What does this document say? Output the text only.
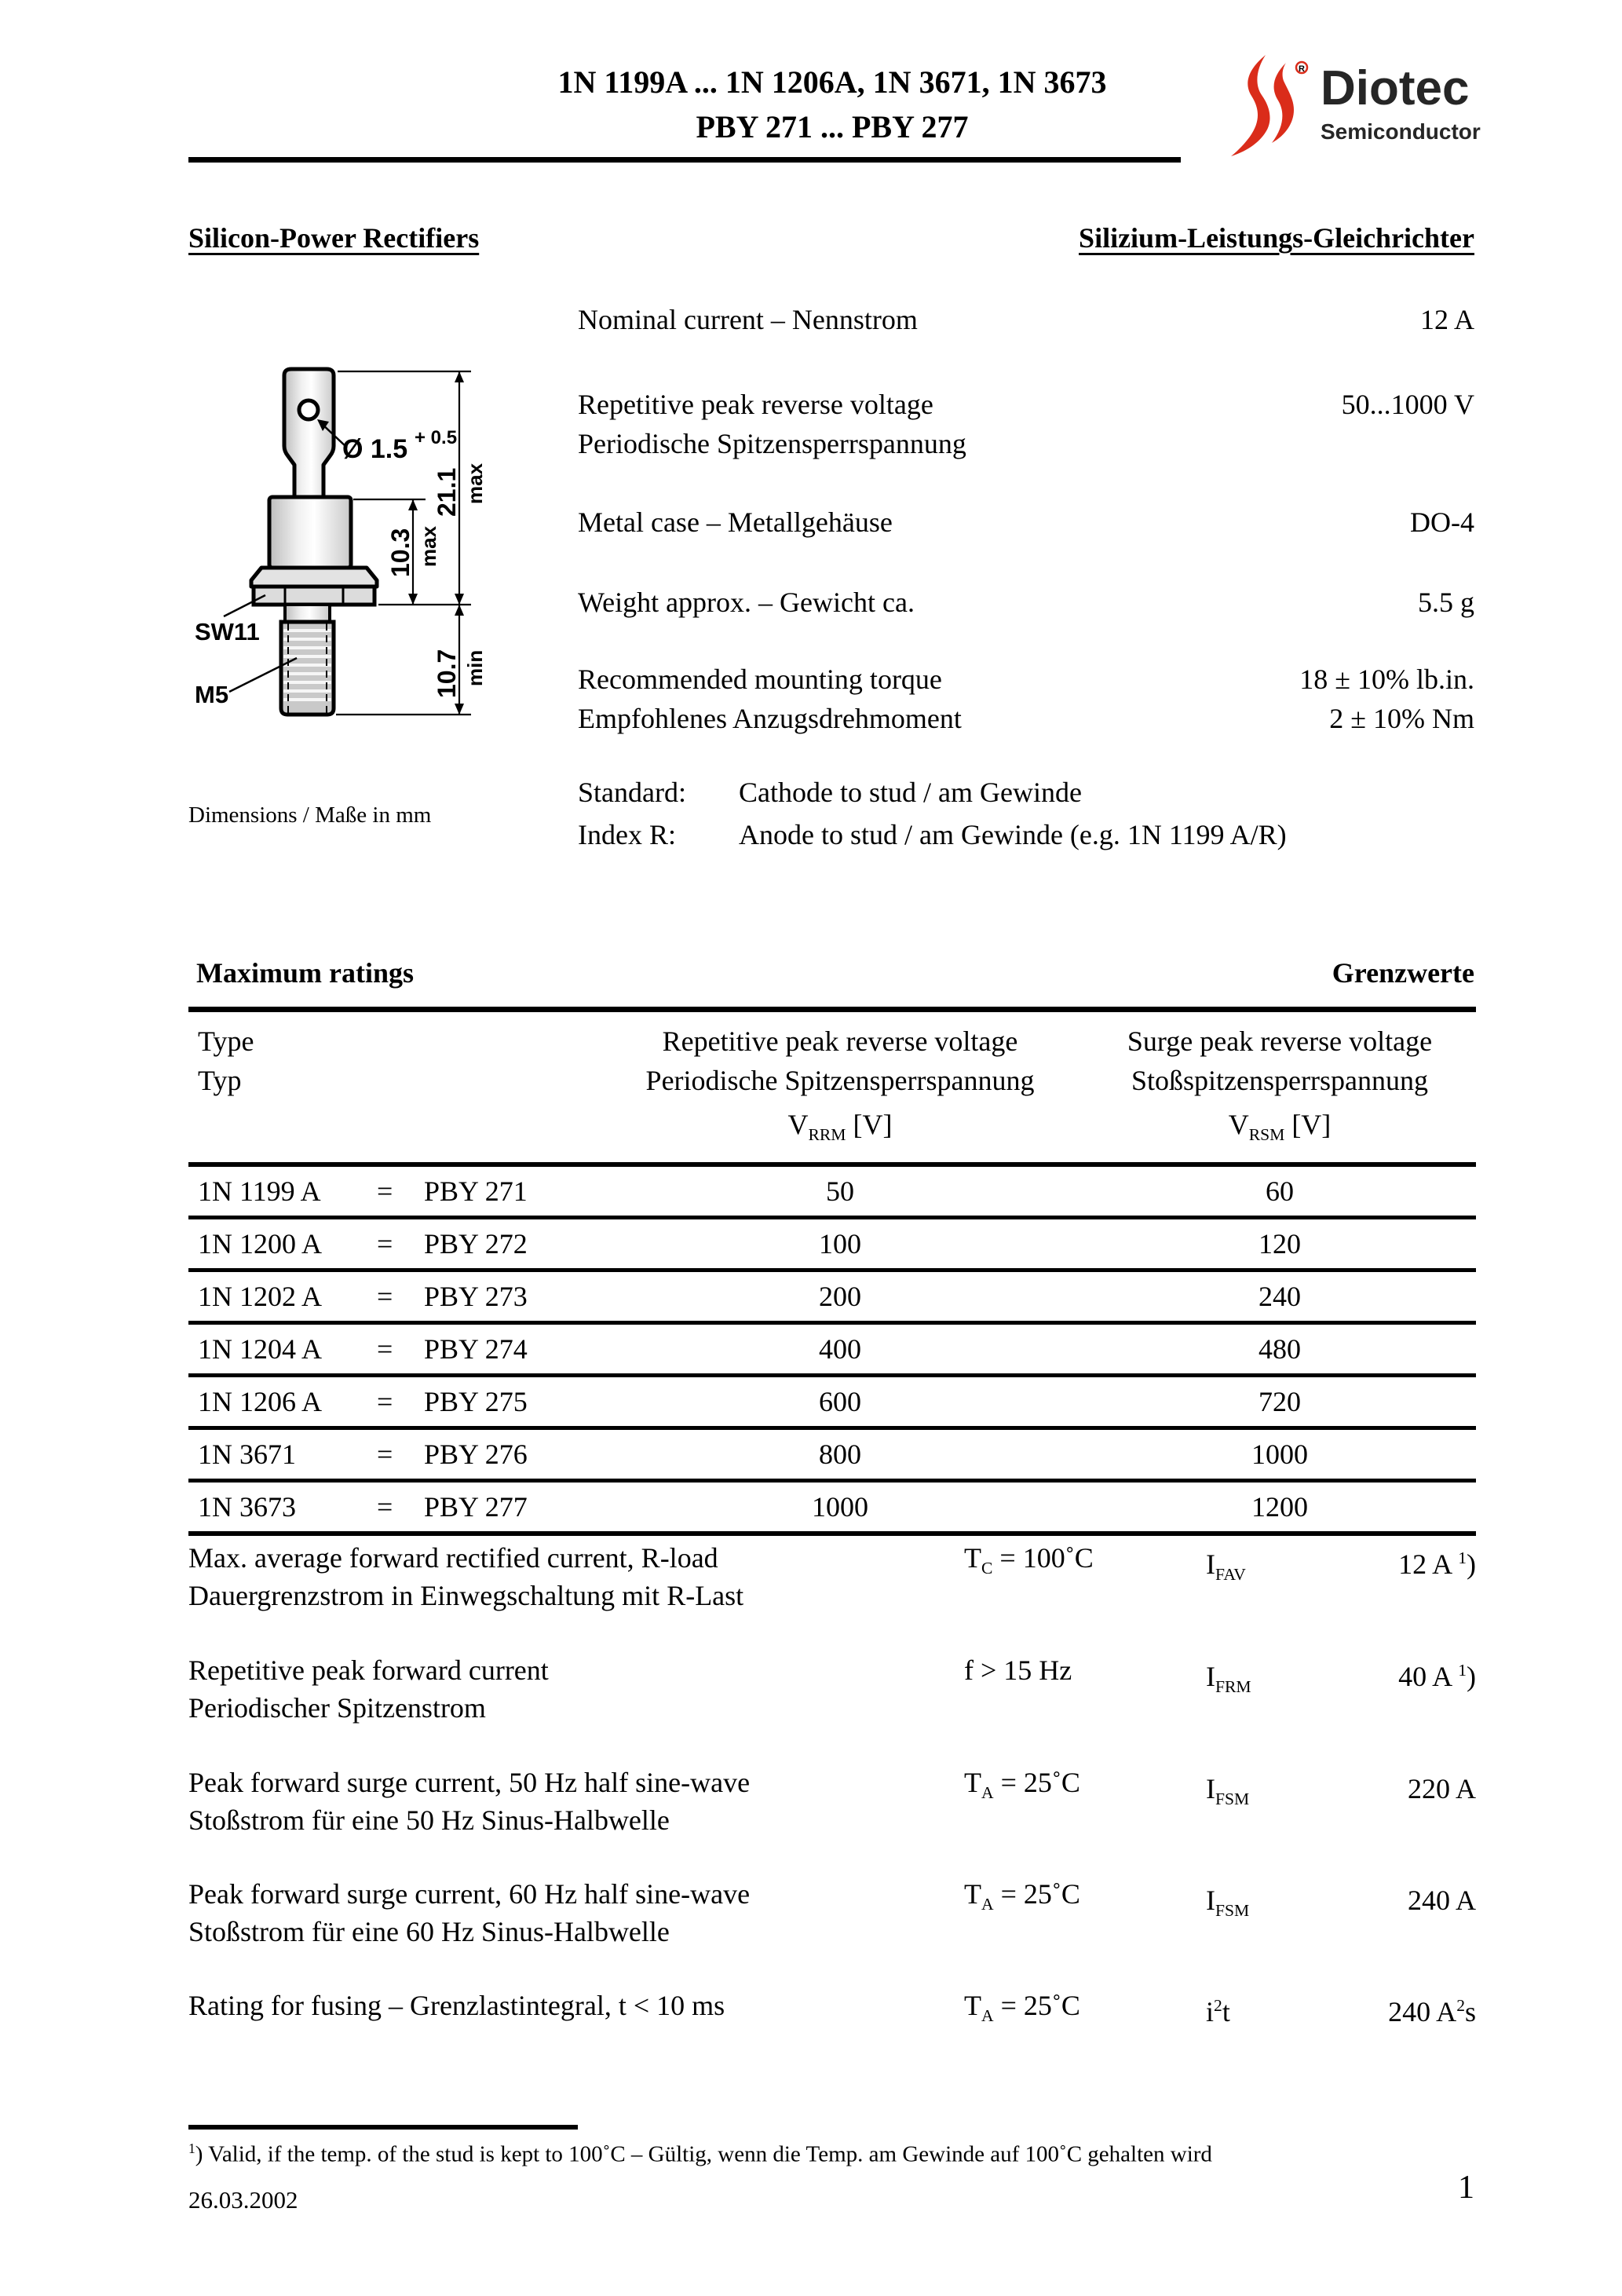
1N 1199A ... 1N 1206A, 1N 3671, 1N 3673
PBY 271 ... PBY 277
R Diotec
Semiconductor
Silicon-Power Rectifiers	Silizium-Leistungs-Gleichrichter
Nominal current – Nennstrom	12 A
Repetitive peak reverse voltage
Periodische Spitzensperrspannung
50...1000 V
Metal case – Metallgehäuse	DO-4
Weight approx. – Gewicht ca.	5.5 g
Recommended mounting torque
Empfohlenes Anzugsdrehmoment
18 ± 10% lb.in.
2 ± 10% Nm
Standard: Cathode to stud / am Gewinde
Index R: Anode to stud / am Gewinde (e.g. 1N 1199 A/R)
Ø 1.5 + 0.5
21.1 max
10.3 max
10.7 min
SW11
M5
Dimensions / Maße in mm
Maximum ratings	Grenzwerte
Type
Typ
Repetitive peak reverse voltage
Periodische Spitzensperrspannung
$V_{RRM}$ [V]
Surge peak reverse voltage
Stoßspitzensperrspannung
$V_{RSM}$ [V]
1N 1199 A	=	PBY 271	50	60
1N 1200 A	=	PBY 272	100	120
1N 1202 A	=	PBY 273	200	240
1N 1204 A	=	PBY 274	400	480
1N 1206 A	=	PBY 275	600	720
1N 3671	=	PBY 276	800	1000
1N 3673	=	PBY 277	1000	1200
Max. average forward rectified current, R-load
Dauergrenzstrom in Einwegschaltung mit R-Last
$T_C$ = 100˚C	$I_{FAV}$	12 A $^1$)
Repetitive peak forward current
Periodischer Spitzenstrom
f > 15 Hz	$I_{FRM}$	40 A $^1$)
Peak forward surge current, 50 Hz half sine-wave
Stoßstrom für eine 50 Hz Sinus-Halbwelle
$T_A$ = 25˚C	$I_{FSM}$	220 A
Peak forward surge current, 60 Hz half sine-wave
Stoßstrom für eine 60 Hz Sinus-Halbwelle
$T_A$ = 25˚C	$I_{FSM}$	240 A
Rating for fusing – Grenzlastintegral, t < 10 ms	$T_A$ = 25˚C	$i^2t$	240 $A^2s$
$^1$) Valid, if the temp. of the stud is kept to 100˚C – Gültig, wenn die Temp. am Gewinde auf 100˚C gehalten wird
26.03.2002	1
